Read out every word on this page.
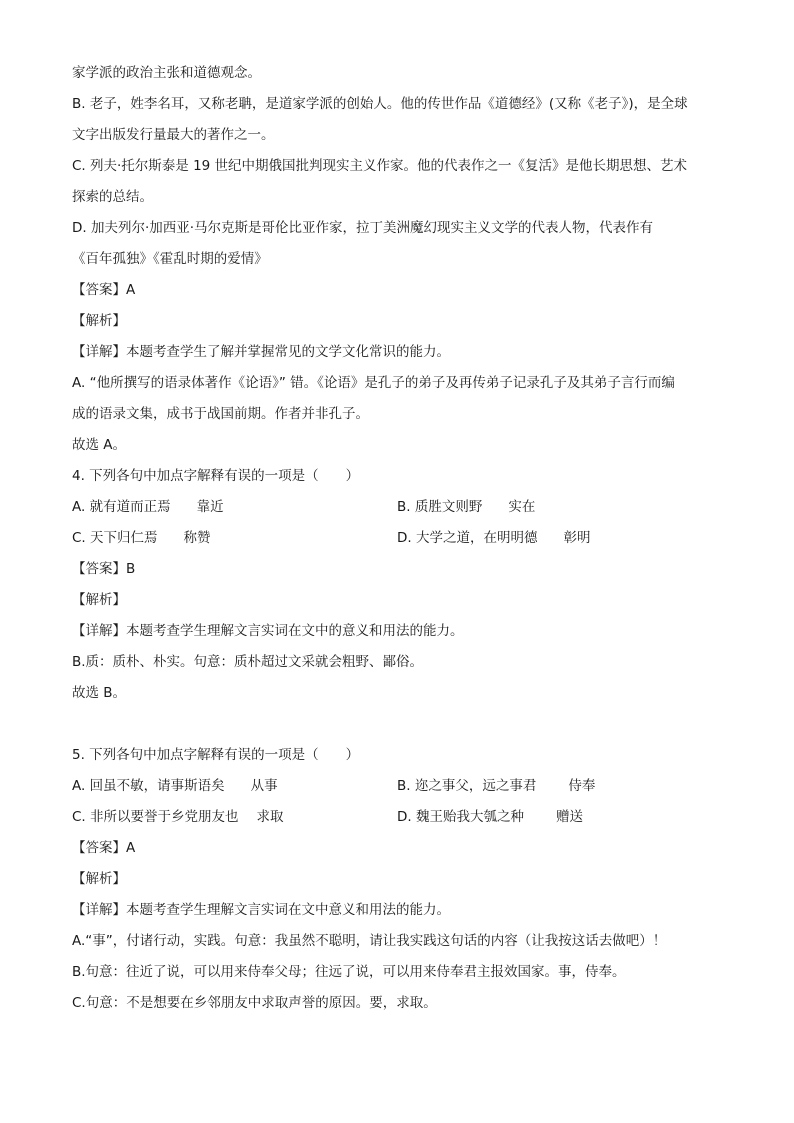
家学派的政治主张和道德观念。
B. 老子，姓李名耳，又称老聃，是道家学派的创始人。他的传世作品《道德经》(又称《老子》)，是全球
文字出版发行量最大的著作之一。
C. 列夫·托尔斯泰是 19 世纪中期俄国批判现实主义作家。他的代表作之一《复活》是他长期思想、艺术
探索的总结。
D. 加夫列尔·加西亚·马尔克斯是哥伦比亚作家，拉丁美洲魔幻现实主义文学的代表人物，代表作有
《百年孤独》《霍乱时期的爱情》
【答案】A
【解析】
【详解】本题考查学生了解并掌握常见的文学文化常识的能力。
A. “他所撰写的语录体著作《论语》” 错。《论语》是孔子的弟子及再传弟子记录孔子及其弟子言行而编
成的语录文集，成书于战国前期。作者并非孔子。
故选 A。
4. 下列各句中加点字解释有误的一项是（　　）
A. 就有道而正焉 靠近	B. 质胜文则野 实在
C. 天下归仁焉 称赞	D. 大学之道，在明明德 彰明
【答案】B
【解析】
【详解】本题考查学生理解文言实词在文中的意义和用法的能力。
B.质：质朴、朴实。句意：质朴超过文采就会粗野、鄙俗。
故选 B。
5. 下列各句中加点字解释有误的一项是（　　）
A. 回虽不敏，请事斯语矣 从事	B. 迩之事父，远之事君 侍奉
C. 非所以要誉于乡党朋友也 求取	D. 魏王贻我大瓠之种 赠送
【答案】A
【解析】
【详解】本题考查学生理解文言实词在文中意义和用法的能力。
A.“事”，付诸行动，实践。句意：我虽然不聪明，请让我实践这句话的内容（让我按这话去做吧）！
B.句意：往近了说，可以用来侍奉父母；往远了说，可以用来侍奉君主报效国家。事，侍奉。
C.句意：不是想要在乡邻朋友中求取声誉的原因。要，求取。
